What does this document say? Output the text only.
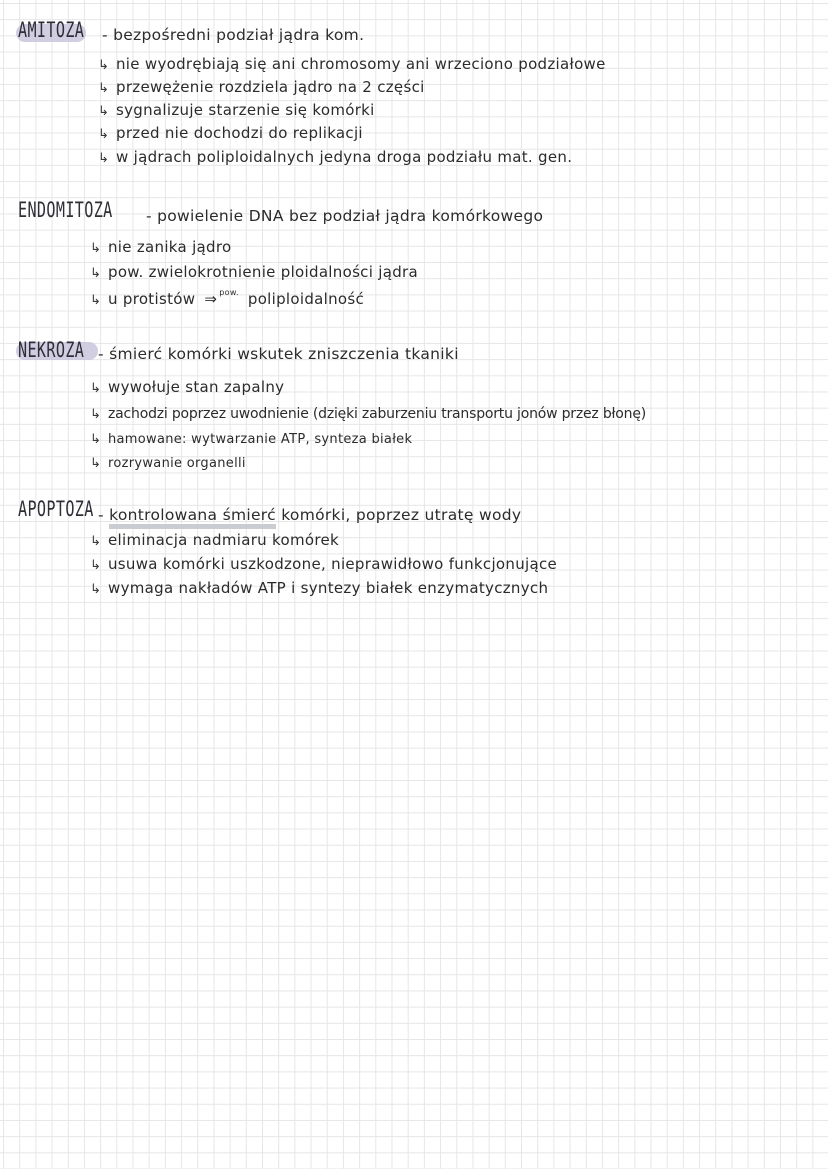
AMITOZA - bezpośredni podział jądra kom.
↳ nie wyodrębiają się ani chromosomy ani wrzeciono podziałowe
↳ przewężenie rozdziela jądro na 2 części
↳ sygnalizuje starzenie się komórki
↳ przed nie dochodzi do replikacji
↳ w jądrach poliploidalnych jedyna droga podziału mat. gen.
ENDOMITOZA - powielenie DNA bez podział jądra komórkowego
↳ nie zanika jądro
↳ pow. zwielokrotnienie ploidalności jądra
↳ u protistów ⇒ $^{pow.}$ poliploidalność
NEKROZA - śmierć komórki wskutek zniszczenia tkaniki
↳ wywołuje stan zapalny
↳ zachodzi poprzez uwodnienie (dzięki zaburzeniu transportu jonów przez błonę)
↳ hamowane: wytwarzanie ATP, synteza białek
↳ rozrywanie organelli
APOPTOZA - kontrolowana śmierć komórki, poprzez utratę wody
↳ eliminacja nadmiaru komórek
↳ usuwa komórki uszkodzone, nieprawidłowo funkcjonujące
↳ wymaga nakładów ATP i syntezy białek enzymatycznych
